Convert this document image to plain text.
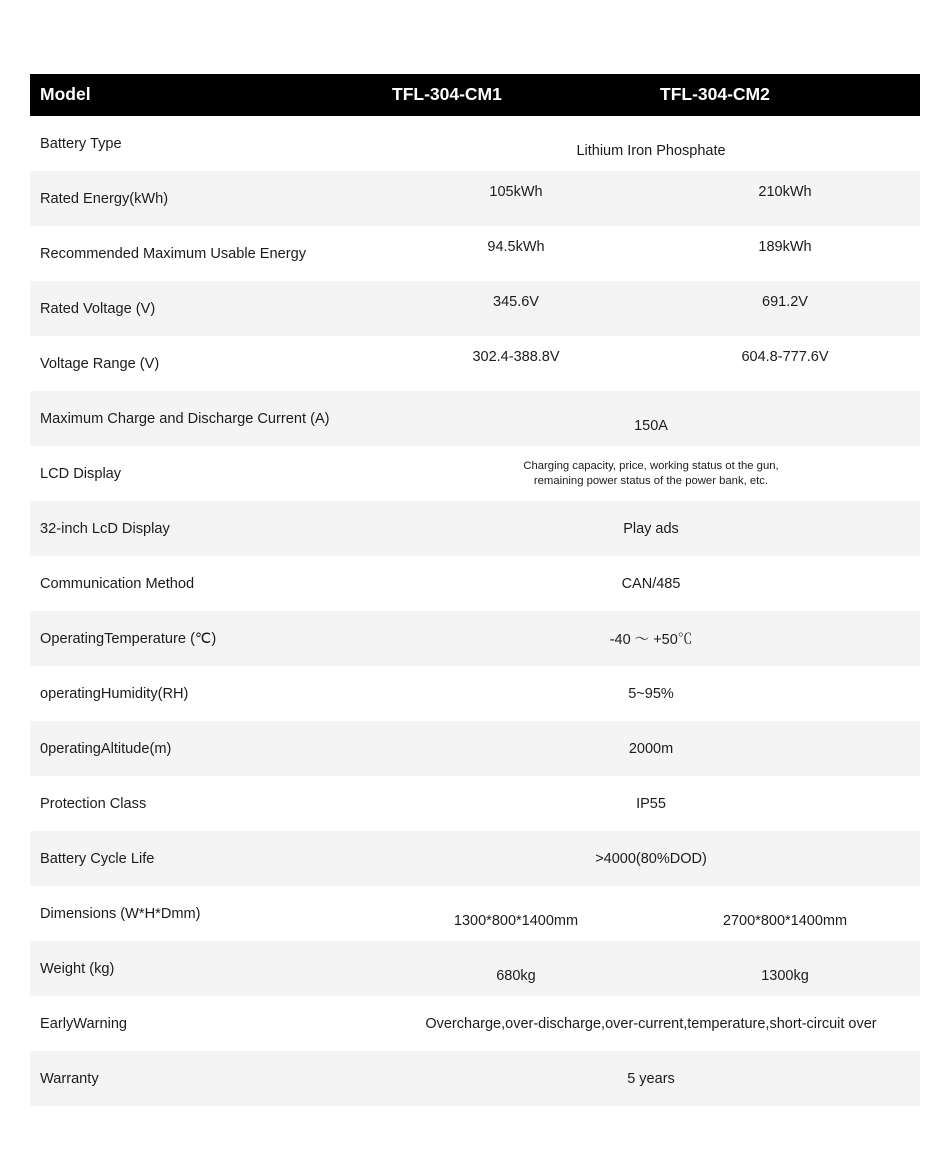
Model	TFL-304-CM1	TFL-304-CM2
Battery Type	Lithium Iron Phosphate	

Rated Energy(kWh)	105kWh	210kWh

Recommended Maximum Usable Energy	94.5kWh	189kWh

Rated Voltage (V)	345.6V	691.2V

Voltage Range (V)	302.4-388.8V	604.8-777.6V

Maximum Charge and Discharge Current (A)	150A	

LCD Display	Charging capacity, price, working status ot the gun,
remaining power status of the power bank, etc.	

32-inch LcD Display	Play ads	

Communication Method	CAN/485	

OperatingTemperature (℃)	-40 ～ +50℃	

operatingHumidity(RH)	5~95%	

0peratingAltitude(m)	2000m	

Protection Class	IP55	

Battery Cycle Life	>4000(80%DOD)	

Dimensions (W*H*Dmm)	1300*800*1400mm	2700*800*1400mm

Weight (kg)	680kg	1300kg

EarlyWarning	Overcharge,over-discharge,over-current,temperature,short-circuit over	

Warranty	5 years	
